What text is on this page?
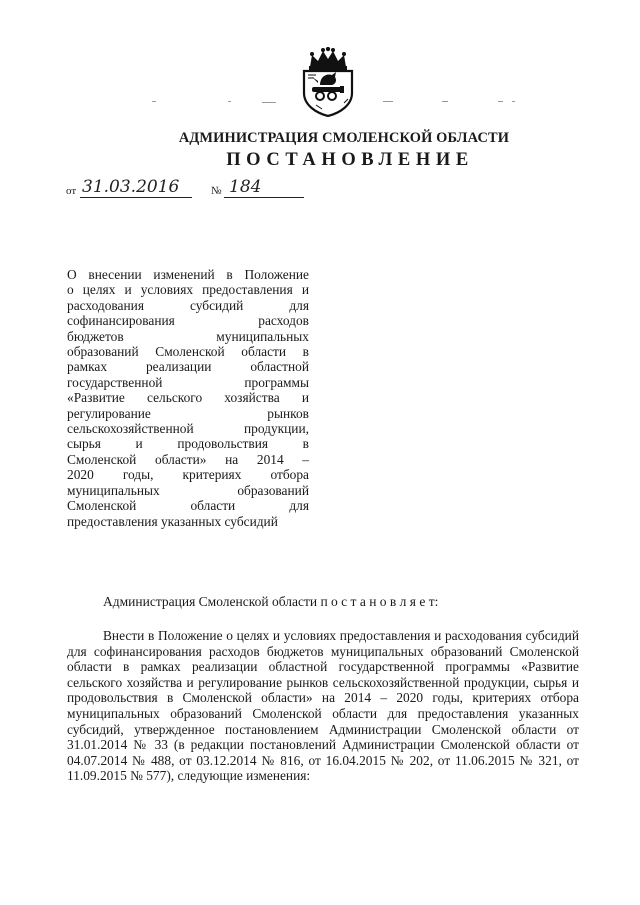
АДМИНИСТРАЦИЯ СМОЛЕНСКОЙ ОБЛАСТИ
ПОСТАНОВЛЕНИЕ
от 31.03.2016	№ 184
О внесении изменений в Положение
о целях и условиях предоставления и
расходования субсидий для
софинансирования расходов
бюджетов муниципальных
образований Смоленской области в
рамках реализации областной
государственной программы
«Развитие сельского хозяйства и
регулирование рынков
сельскохозяйственной продукции,
сырья и продовольствия в
Смоленской области» на 2014 –
2020 годы, критериях отбора
муниципальных образований
Смоленской области для
предоставления указанных субсидий
Администрация Смоленской области п о с т а н о в л я е т:
Внести в Положение о целях и условиях предоставления и расходования субсидий для софинансирования расходов бюджетов муниципальных образований Смоленской области в рамках реализации областной государственной программы «Развитие сельского хозяйства и регулирование рынков сельскохозяйственной продукции, сырья и продовольствия в Смоленской области» на 2014 – 2020 годы, критериях отбора муниципальных образований Смоленской области для предоставления указанных субсидий, утвержденное постановлением Администрации Смоленской области от 31.01.2014 № 33 (в редакции постановлений Администрации Смоленской области от 04.07.2014 № 488, от 03.12.2014 № 816, от 16.04.2015 № 202, от 11.06.2015 № 321, от 11.09.2015 № 577), следующие изменения:
